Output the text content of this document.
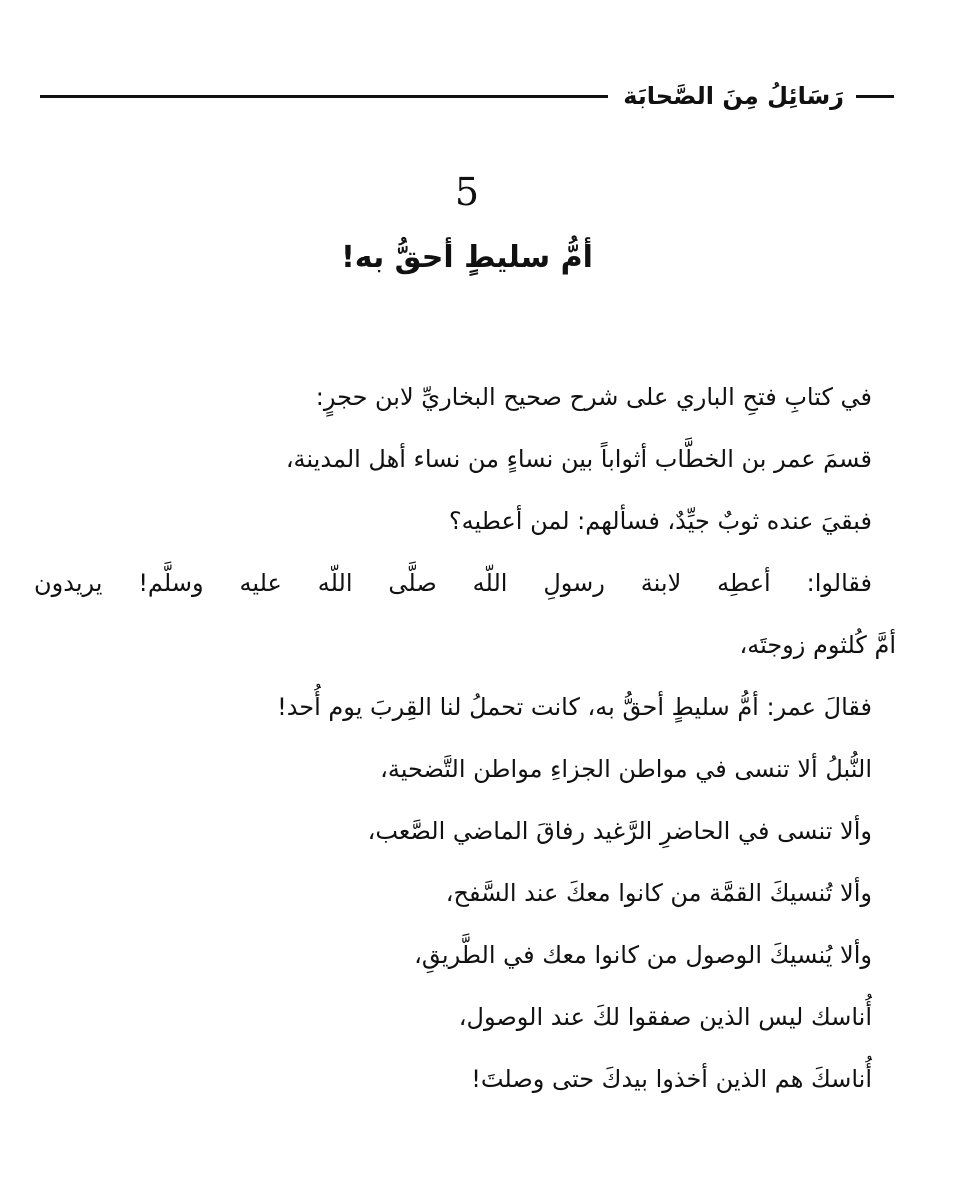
رَسَائِلُ مِنَ الصَّحابَة
5
أمُّ سليطٍ أحقُّ به!
في كتابِ فتحِ الباري على شرح صحيح البخاريِّ لابن حجرٍ:
قسمَ عمر بن الخطَّاب أثواباً بين نساءٍ من نساء أهل المدينة،
فبقيَ عنده ثوبٌ جيِّدٌ، فسألهم: لمن أعطيه؟
فقالوا: أعطِه لابنة رسولِ اللّه صلَّى اللّه عليه وسلَّم! يريدون
أمَّ كُلثوم زوجتَه،
فقالَ عمر: أمُّ سليطٍ أحقُّ به، كانت تحملُ لنا القِربَ يوم أُحد!
النُّبلُ ألا تنسى في مواطن الجزاءِ مواطن التَّضحية،
وألا تنسى في الحاضرِ الرَّغيد رفاقَ الماضي الصَّعب،
وألا تُنسيكَ القمَّة من كانوا معكَ عند السَّفح،
وألا يُنسيكَ الوصول من كانوا معك في الطَّريقِ،
أُناسك ليس الذين صفقوا لكَ عند الوصول،
أُناسكَ هم الذين أخذوا بيدكَ حتى وصلتَ!
